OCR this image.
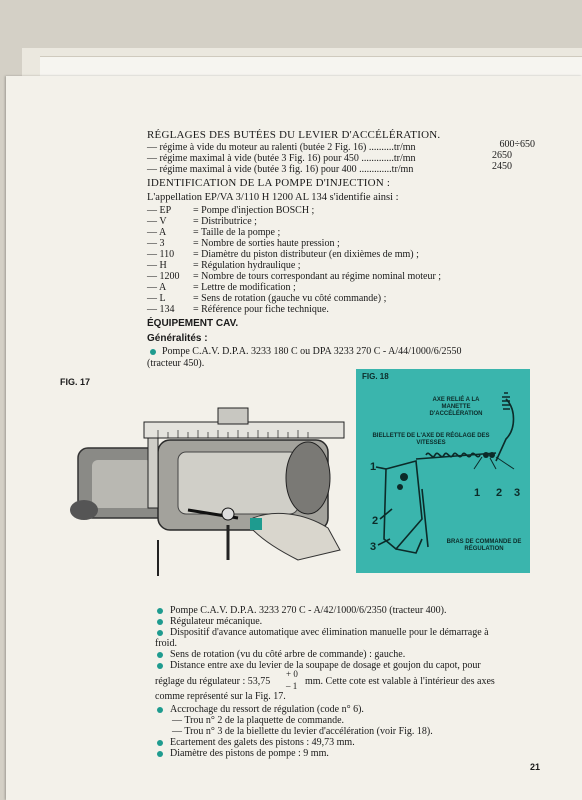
RÉGLAGES DES BUTÉES DU LEVIER D'ACCÉLÉRATION.
— régime à vide du moteur au ralenti (butée 2 Fig. 16) ..........tr/mn	600÷650
— régime maximal à vide (butée 3 Fig. 16) pour 450 .............tr/mn	2650
— régime maximal à vide (butée 3 fig. 16) pour 400 .............tr/mn	2450
IDENTIFICATION DE LA POMPE D'INJECTION :
L'appellation EP/VA 3/110 H 1200 AL 134 s'identifie ainsi :
— EP = Pompe d'injection BOSCH ;
— V	= Distributrice ;
— A	= Taille de la pompe ;
— 3	= Nombre de sorties haute pression ;
— 110 = Diamètre du piston distributeur (en dixièmes de mm) ;
— H	= Régulation hydraulique ;
— 1200 = Nombre de tours correspondant au régime nominal moteur ;
— A	= Lettre de modification ;
— L	= Sens de rotation (gauche vu côté commande) ;
— 134 = Référence pour fiche technique.
ÉQUIPEMENT CAV.
Généralités :
Pompe C.A.V. D.P.A. 3233 180 C ou DPA 3233 270 C - A/44/1000/6/2550
(tracteur 450).
FIG. 17
FIG. 18
AXE RELIÉ A LA MANETTE D'ACCÉLÉRATION
BIELLETTE DE L'AXE DE RÉGLAGE DES VITESSES
BRAS DE COMMANDE DE RÉGULATION
1
2
3
1 2 3
Pompe C.A.V. D.P.A. 3233 270 C - A/42/1000/6/2350 (tracteur 400).
Régulateur mécanique.
Dispositif d'avance automatique avec élimination manuelle pour le démarrage à
froid.
Sens de rotation (vu du côté arbre de commande) : gauche.
Distance entre axe du levier de la soupape de dosage et goujon du capot, pour
réglage du régulateur : 53,75
+ 0
– 1 mm. Cette cote est valable à l'intérieur des axes
comme représenté sur la Fig. 17.
Accrochage du ressort de régulation (code n° 6).
— Trou n° 2 de la plaquette de commande.
— Trou n° 3 de la biellette du levier d'accélération (voir Fig. 18).
Ecartement des galets des pistons : 49,73 mm.
Diamètre des pistons de pompe : 9 mm.
21
